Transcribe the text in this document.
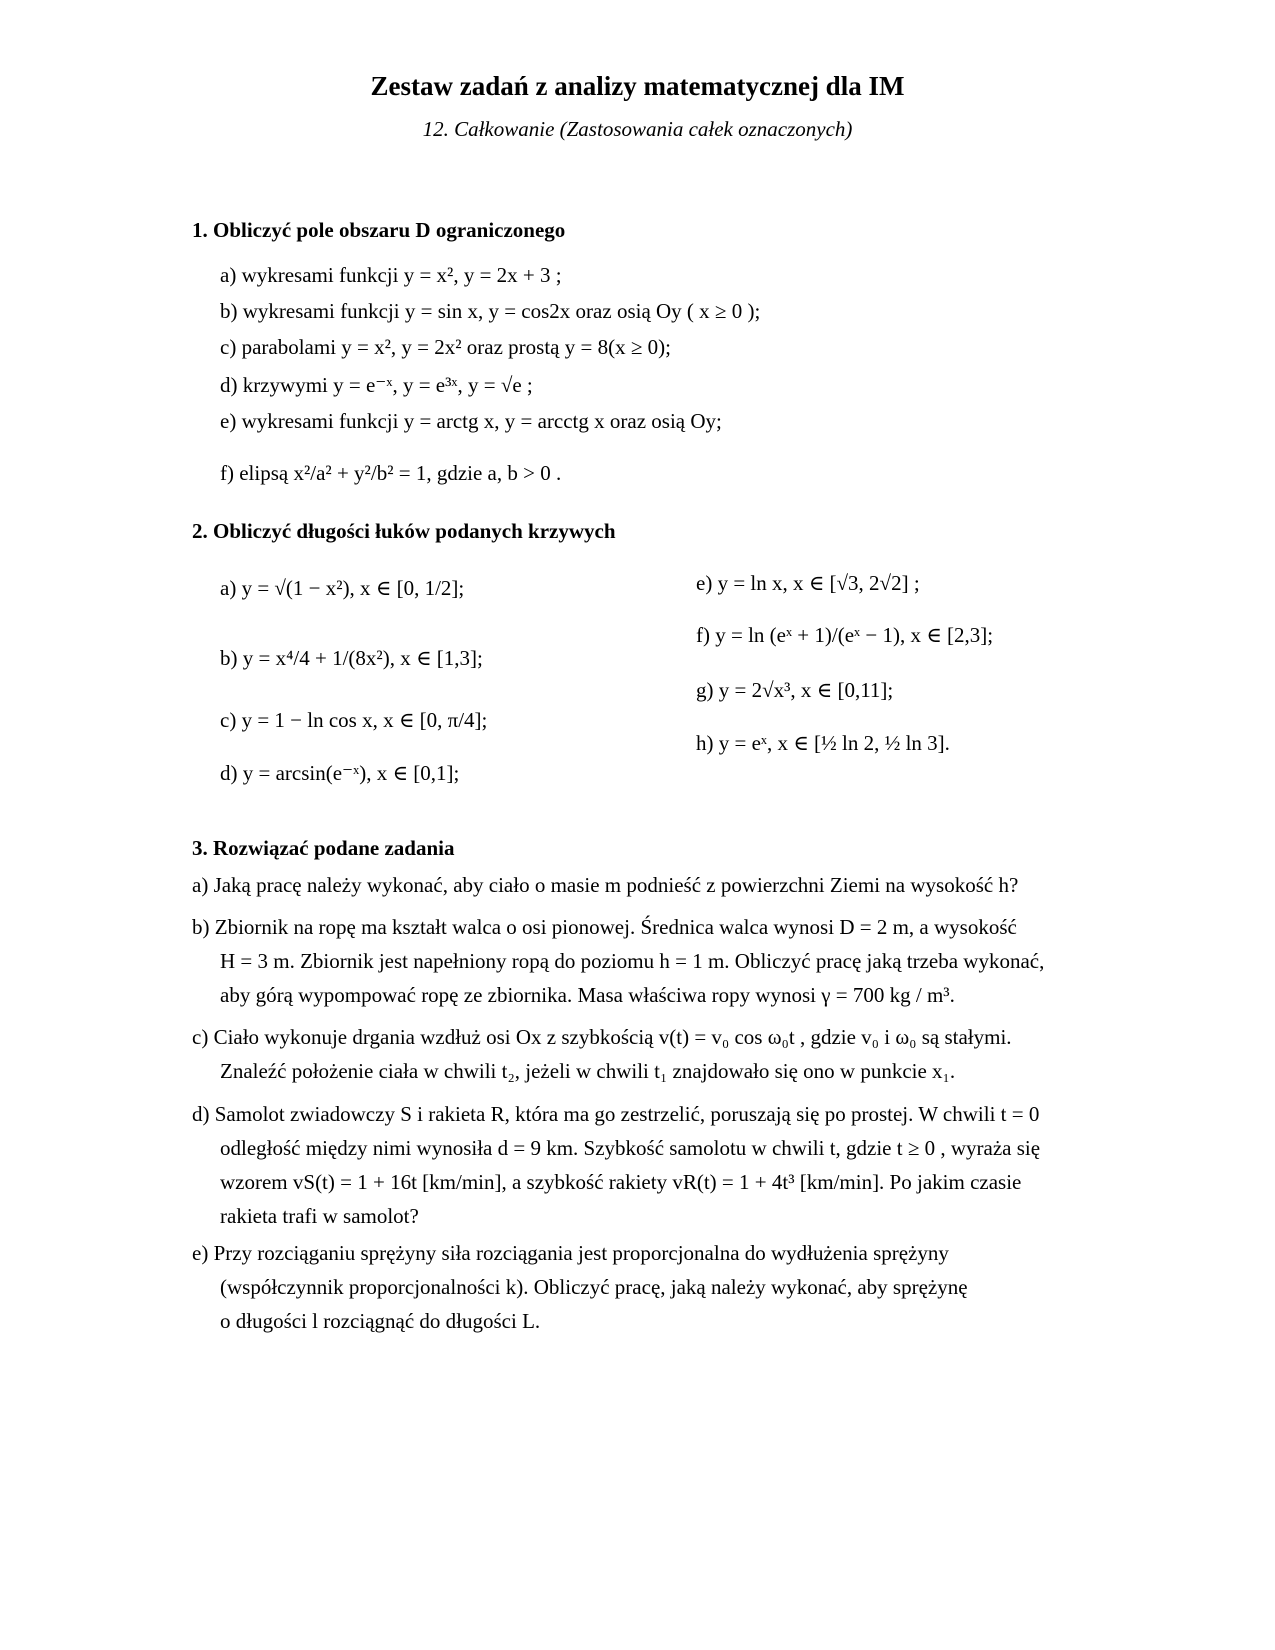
Zestaw zadań z analizy matematycznej dla IM
12. Całkowanie (Zastosowania całek oznaczonych)
1. Obliczyć pole obszaru D ograniczonego
a) wykresami funkcji y = x², y = 2x + 3 ;
b) wykresami funkcji y = sin x, y = cos2x oraz osią Oy ( x ≥ 0 );
c) parabolami y = x², y = 2x² oraz prostą y = 8(x ≥ 0);
d) krzywymi y = e⁻ˣ, y = e³ˣ, y = √e ;
e) wykresami funkcji y = arctg x, y = arcctg x oraz osią Oy;
f) elipsą x²/a² + y²/b² = 1, gdzie a, b > 0 .
2. Obliczyć długości łuków podanych krzywych
a) y = √(1 − x²), x ∈ [0, 1/2];
b) y = x⁴/4 + 1/(8x²), x ∈ [1,3];
c) y = 1 − ln cos x, x ∈ [0, π/4];
d) y = arcsin(e⁻ˣ), x ∈ [0,1];
e) y = ln x, x ∈ [√3, 2√2] ;
f) y = ln (eˣ + 1)/(eˣ − 1), x ∈ [2,3];
g) y = 2√x³, x ∈ [0,11];
h) y = eˣ, x ∈ [½ ln 2, ½ ln 3].
3. Rozwiązać podane zadania
a) Jaką pracę należy wykonać, aby ciało o masie m podnieść z powierzchni Ziemi na wysokość h?
b) Zbiornik na ropę ma kształt walca o osi pionowej. Średnica walca wynosi D = 2 m, a wysokość
H = 3 m. Zbiornik jest napełniony ropą do poziomu h = 1 m. Obliczyć pracę jaką trzeba wykonać,
aby górą wypompować ropę ze zbiornika. Masa właściwa ropy wynosi γ = 700 kg / m³.
c) Ciało wykonuje drgania wzdłuż osi Ox z szybkością v(t) = v₀ cos ω₀t , gdzie v₀ i ω₀ są stałymi.
Znaleźć położenie ciała w chwili t₂, jeżeli w chwili t₁ znajdowało się ono w punkcie x₁.
d) Samolot zwiadowczy S i rakieta R, która ma go zestrzelić, poruszają się po prostej. W chwili t = 0
odległość między nimi wynosiła d = 9 km. Szybkość samolotu w chwili t, gdzie t ≥ 0 , wyraża się
wzorem vS(t) = 1 + 16t [km/min], a szybkość rakiety vR(t) = 1 + 4t³ [km/min]. Po jakim czasie
rakieta trafi w samolot?
e) Przy rozciąganiu sprężyny siła rozciągania jest proporcjonalna do wydłużenia sprężyny
(współczynnik proporcjonalności k). Obliczyć pracę, jaką należy wykonać, aby sprężynę
o długości l rozciągnąć do długości L.
